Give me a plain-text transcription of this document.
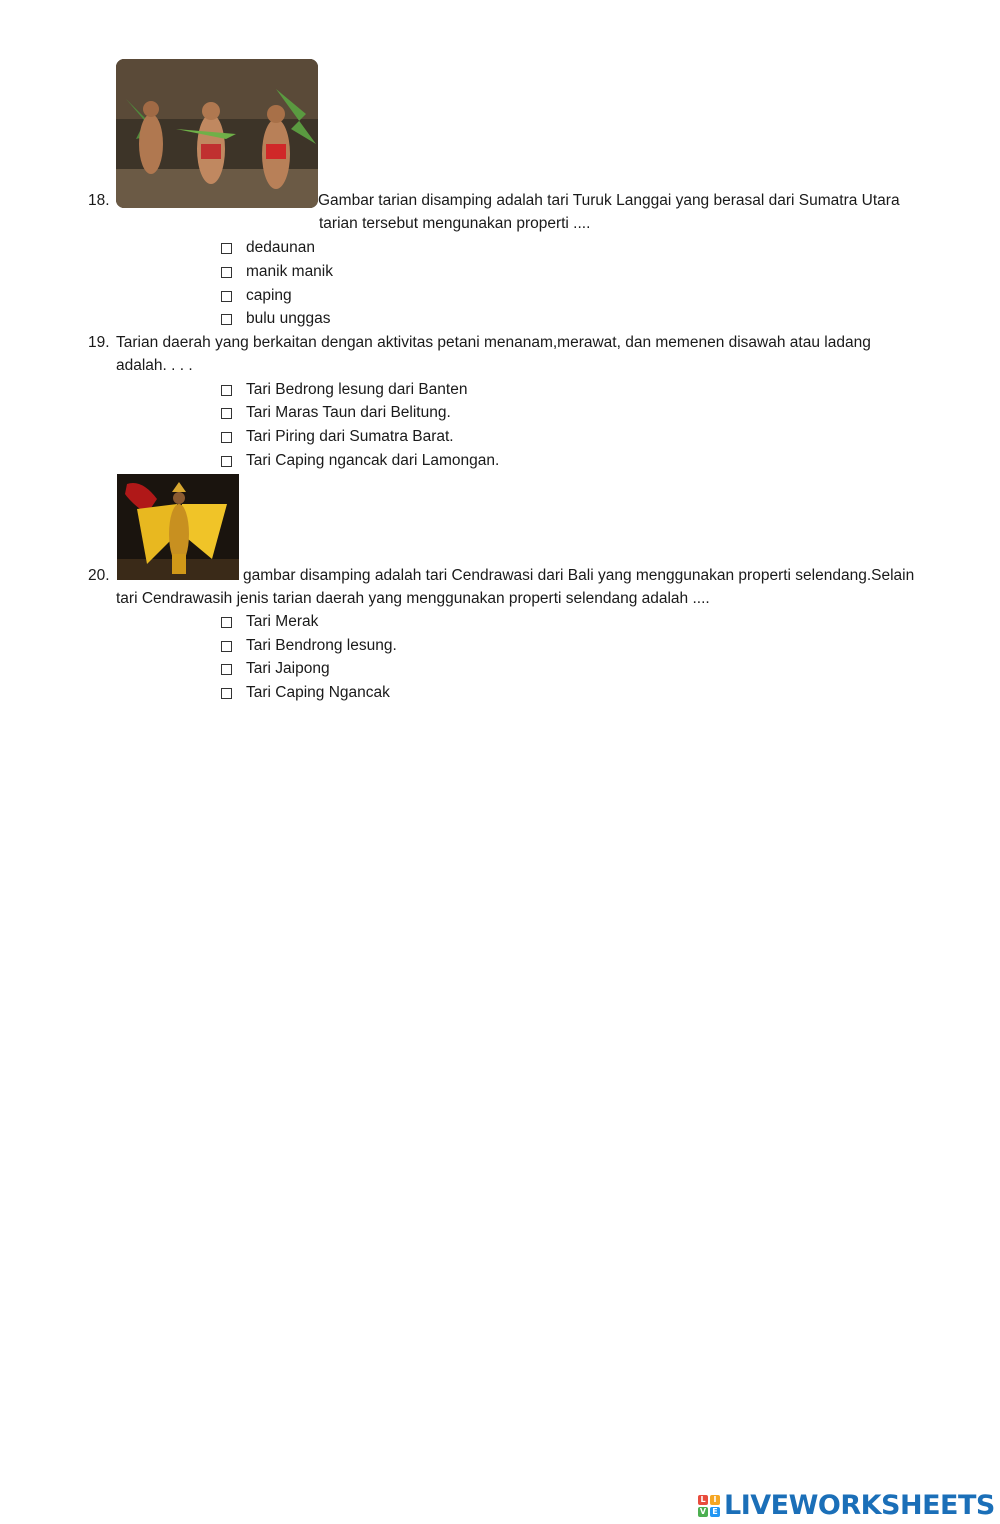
18.	Gambar tarian disamping adalah tari Turuk Langgai yang berasal dari Sumatra Utara
tarian tersebut mengunakan properti ....
dedaunan
manik manik
caping
bulu unggas
19. Tarian daerah yang berkaitan dengan aktivitas petani menanam,merawat, dan memenen disawah atau ladang
adalah. . . .
Tari Bedrong lesung dari Banten
Tari Maras Taun dari Belitung.
Tari Piring dari Sumatra Barat.
Tari Caping ngancak dari Lamongan.
20.	gambar disamping adalah tari Cendrawasi dari Bali yang menggunakan properti selendang.Selain
tari Cendrawasih jenis tarian daerah yang menggunakan properti selendang adalah ....
Tari Merak
Tari Bendrong lesung.
Tari Jaipong
Tari Caping Ngancak
L I
V E LIVEWORKSHEETS
